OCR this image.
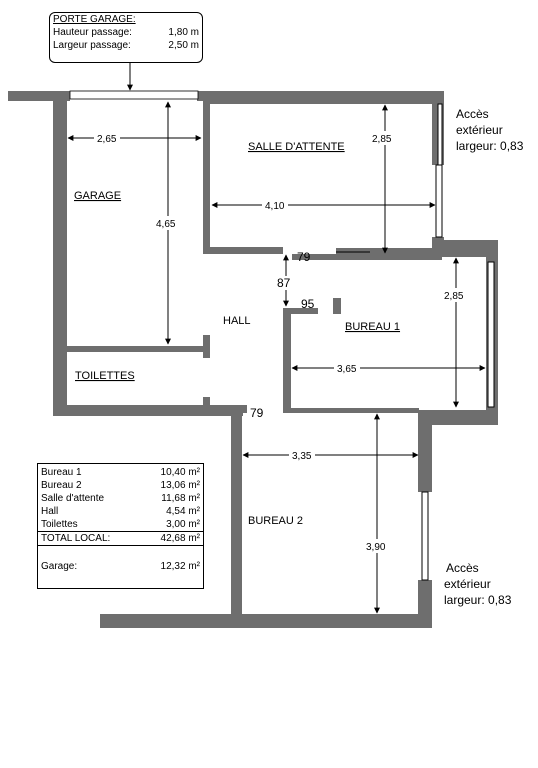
2,65
4,65
2,85
4,10
79
87
95
2,85
3,65
79
3,35
3,90
GARAGE
SALLE D'ATTENTE
HALL	BUREAU 1
TOILETTES
BUREAU 2
PORTE GARAGE:
Hauteur passage:	1,80 m
Largeur passage:	2,50 m
Accès
extérieur
largeur: 0,83
Accès
extérieur
largeur: 0,83
Bureau 1	10,40 m²
Bureau 2	13,06 m²
Salle d'attente	11,68 m²
Hall	4,54 m²
Toilettes	3,00 m²
TOTAL LOCAL:	42,68 m²
Garage:	12,32 m²
